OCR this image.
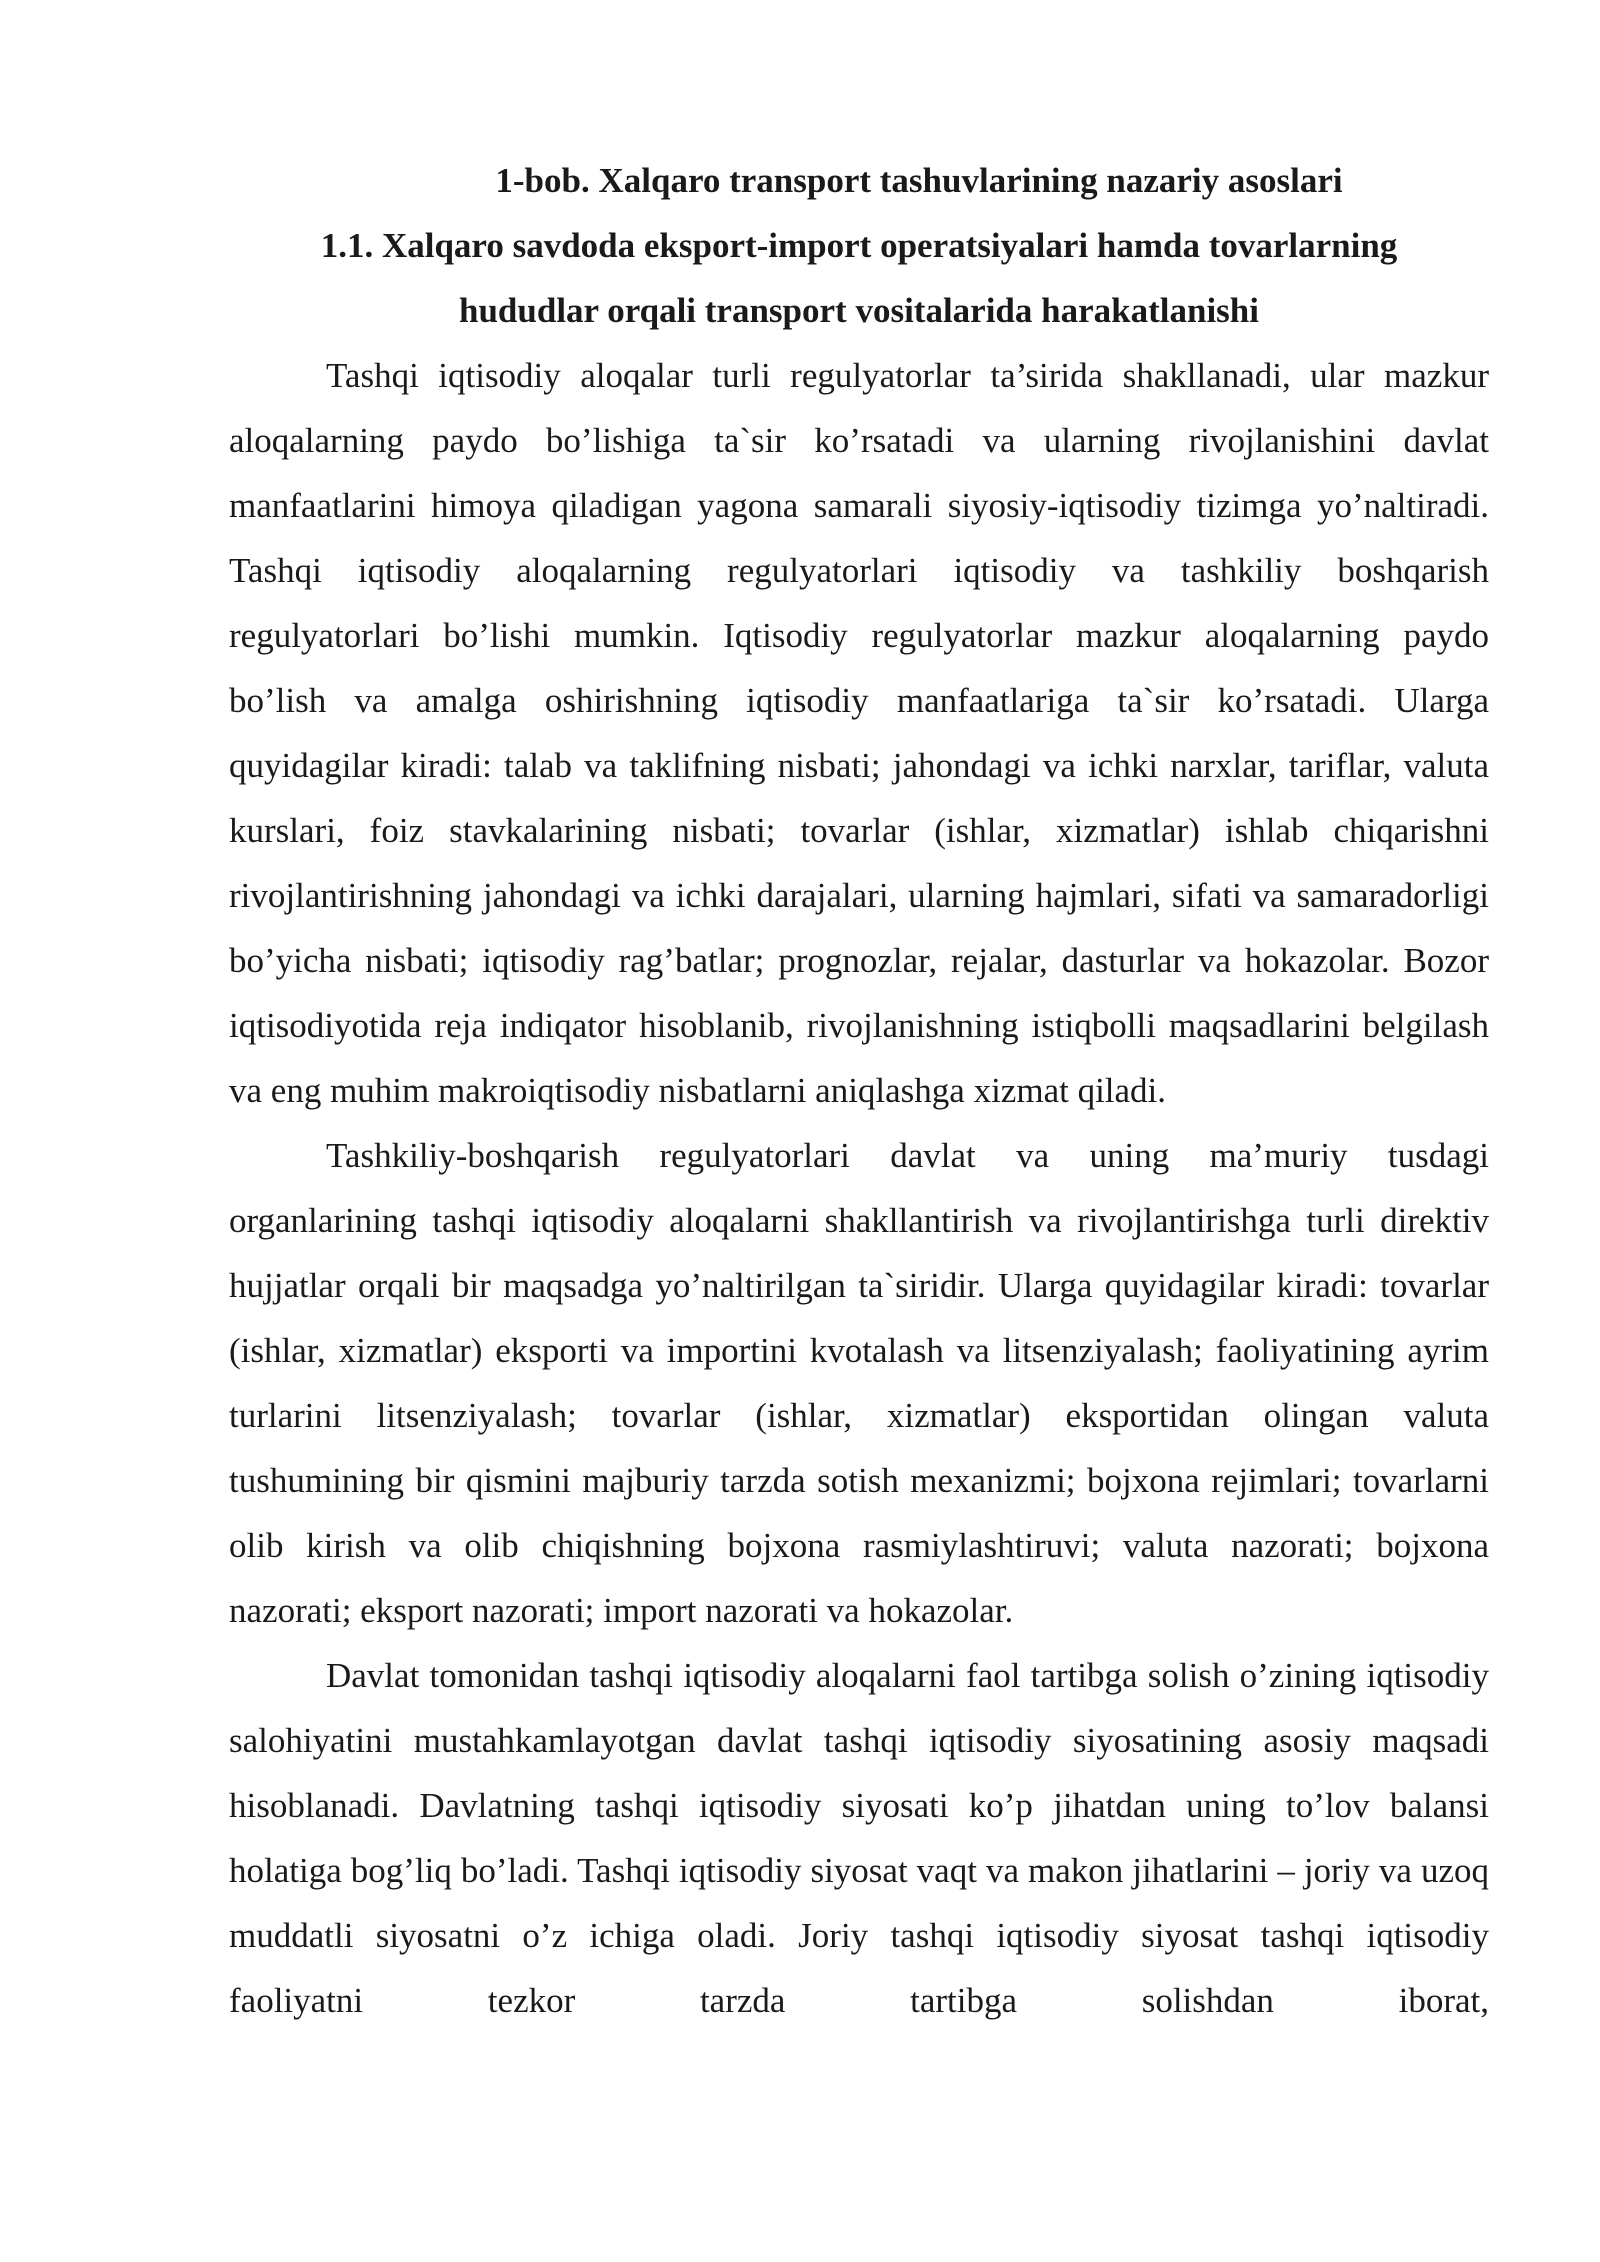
1-bob. Xalqaro transport tashuvlarining nazariy asoslari
1.1. Xalqaro savdoda eksport-import operatsiyalari hamda tovarlarning
hududlar orqali transport vositalarida harakatlanishi

Tashqi iqtisodiy aloqalar turli regulyatorlar ta’sirida shakllanadi, ular mazkur aloqalarning paydo bo’lishiga ta`sir ko’rsatadi va ularning rivojlanishini davlat manfaatlarini himoya qiladigan yagona samarali siyosiy-iqtisodiy tizimga yo’naltiradi. Tashqi iqtisodiy aloqalarning regulyatorlari iqtisodiy va tashkiliy boshqarish regulyatorlari bo’lishi mumkin. Iqtisodiy regulyatorlar mazkur aloqalarning paydo bo’lish va amalga oshirishning iqtisodiy manfaatlariga ta`sir ko’rsatadi. Ularga quyidagilar kiradi: talab va taklifning nisbati; jahondagi va ichki narxlar, tariflar, valuta kurslari, foiz stavkalarining nisbati; tovarlar (ishlar, xizmatlar) ishlab chiqarishni rivojlantirishning jahondagi va ichki darajalari, ularning hajmlari, sifati va samaradorligi bo’yicha nisbati; iqtisodiy rag’batlar; prognozlar, rejalar, dasturlar va hokazolar. Bozor iqtisodiyotida reja indiqator hisoblanib, rivojlanishning istiqbolli maqsadlarini belgilash va eng muhim makroiqtisodiy nisbatlarni aniqlashga xizmat qiladi.

Tashkiliy-boshqarish regulyatorlari davlat va uning ma’muriy tusdagi organlarining tashqi iqtisodiy aloqalarni shakllantirish va rivojlantirishga turli direktiv hujjatlar orqali bir maqsadga yo’naltirilgan ta`siridir. Ularga quyidagilar kiradi: tovarlar (ishlar, xizmatlar) eksporti va importini kvotalash va litsenziyalash; faoliyatining ayrim turlarini litsenziyalash; tovarlar (ishlar, xizmatlar) eksportidan olingan valuta tushumining bir qismini majburiy tarzda sotish mexanizmi; bojxona rejimlari; tovarlarni olib kirish va olib chiqishning bojxona rasmiylashtiruvi; valuta nazorati; bojxona nazorati; eksport nazorati; import nazorati va hokazolar.

Davlat tomonidan tashqi iqtisodiy aloqalarni faol tartibga solish o’zining iqtisodiy salohiyatini mustahkamlayotgan davlat tashqi iqtisodiy siyosatining asosiy maqsadi hisoblanadi. Davlatning tashqi iqtisodiy siyosati ko’p jihatdan uning to’lov balansi holatiga bog’liq bo’ladi. Tashqi iqtisodiy siyosat vaqt va makon jihatlarini – joriy va uzoq muddatli siyosatni o’z ichiga oladi. Joriy tashqi iqtisodiy siyosat tashqi iqtisodiy faoliyatni tezkor tarzda tartibga solishdan iborat,
